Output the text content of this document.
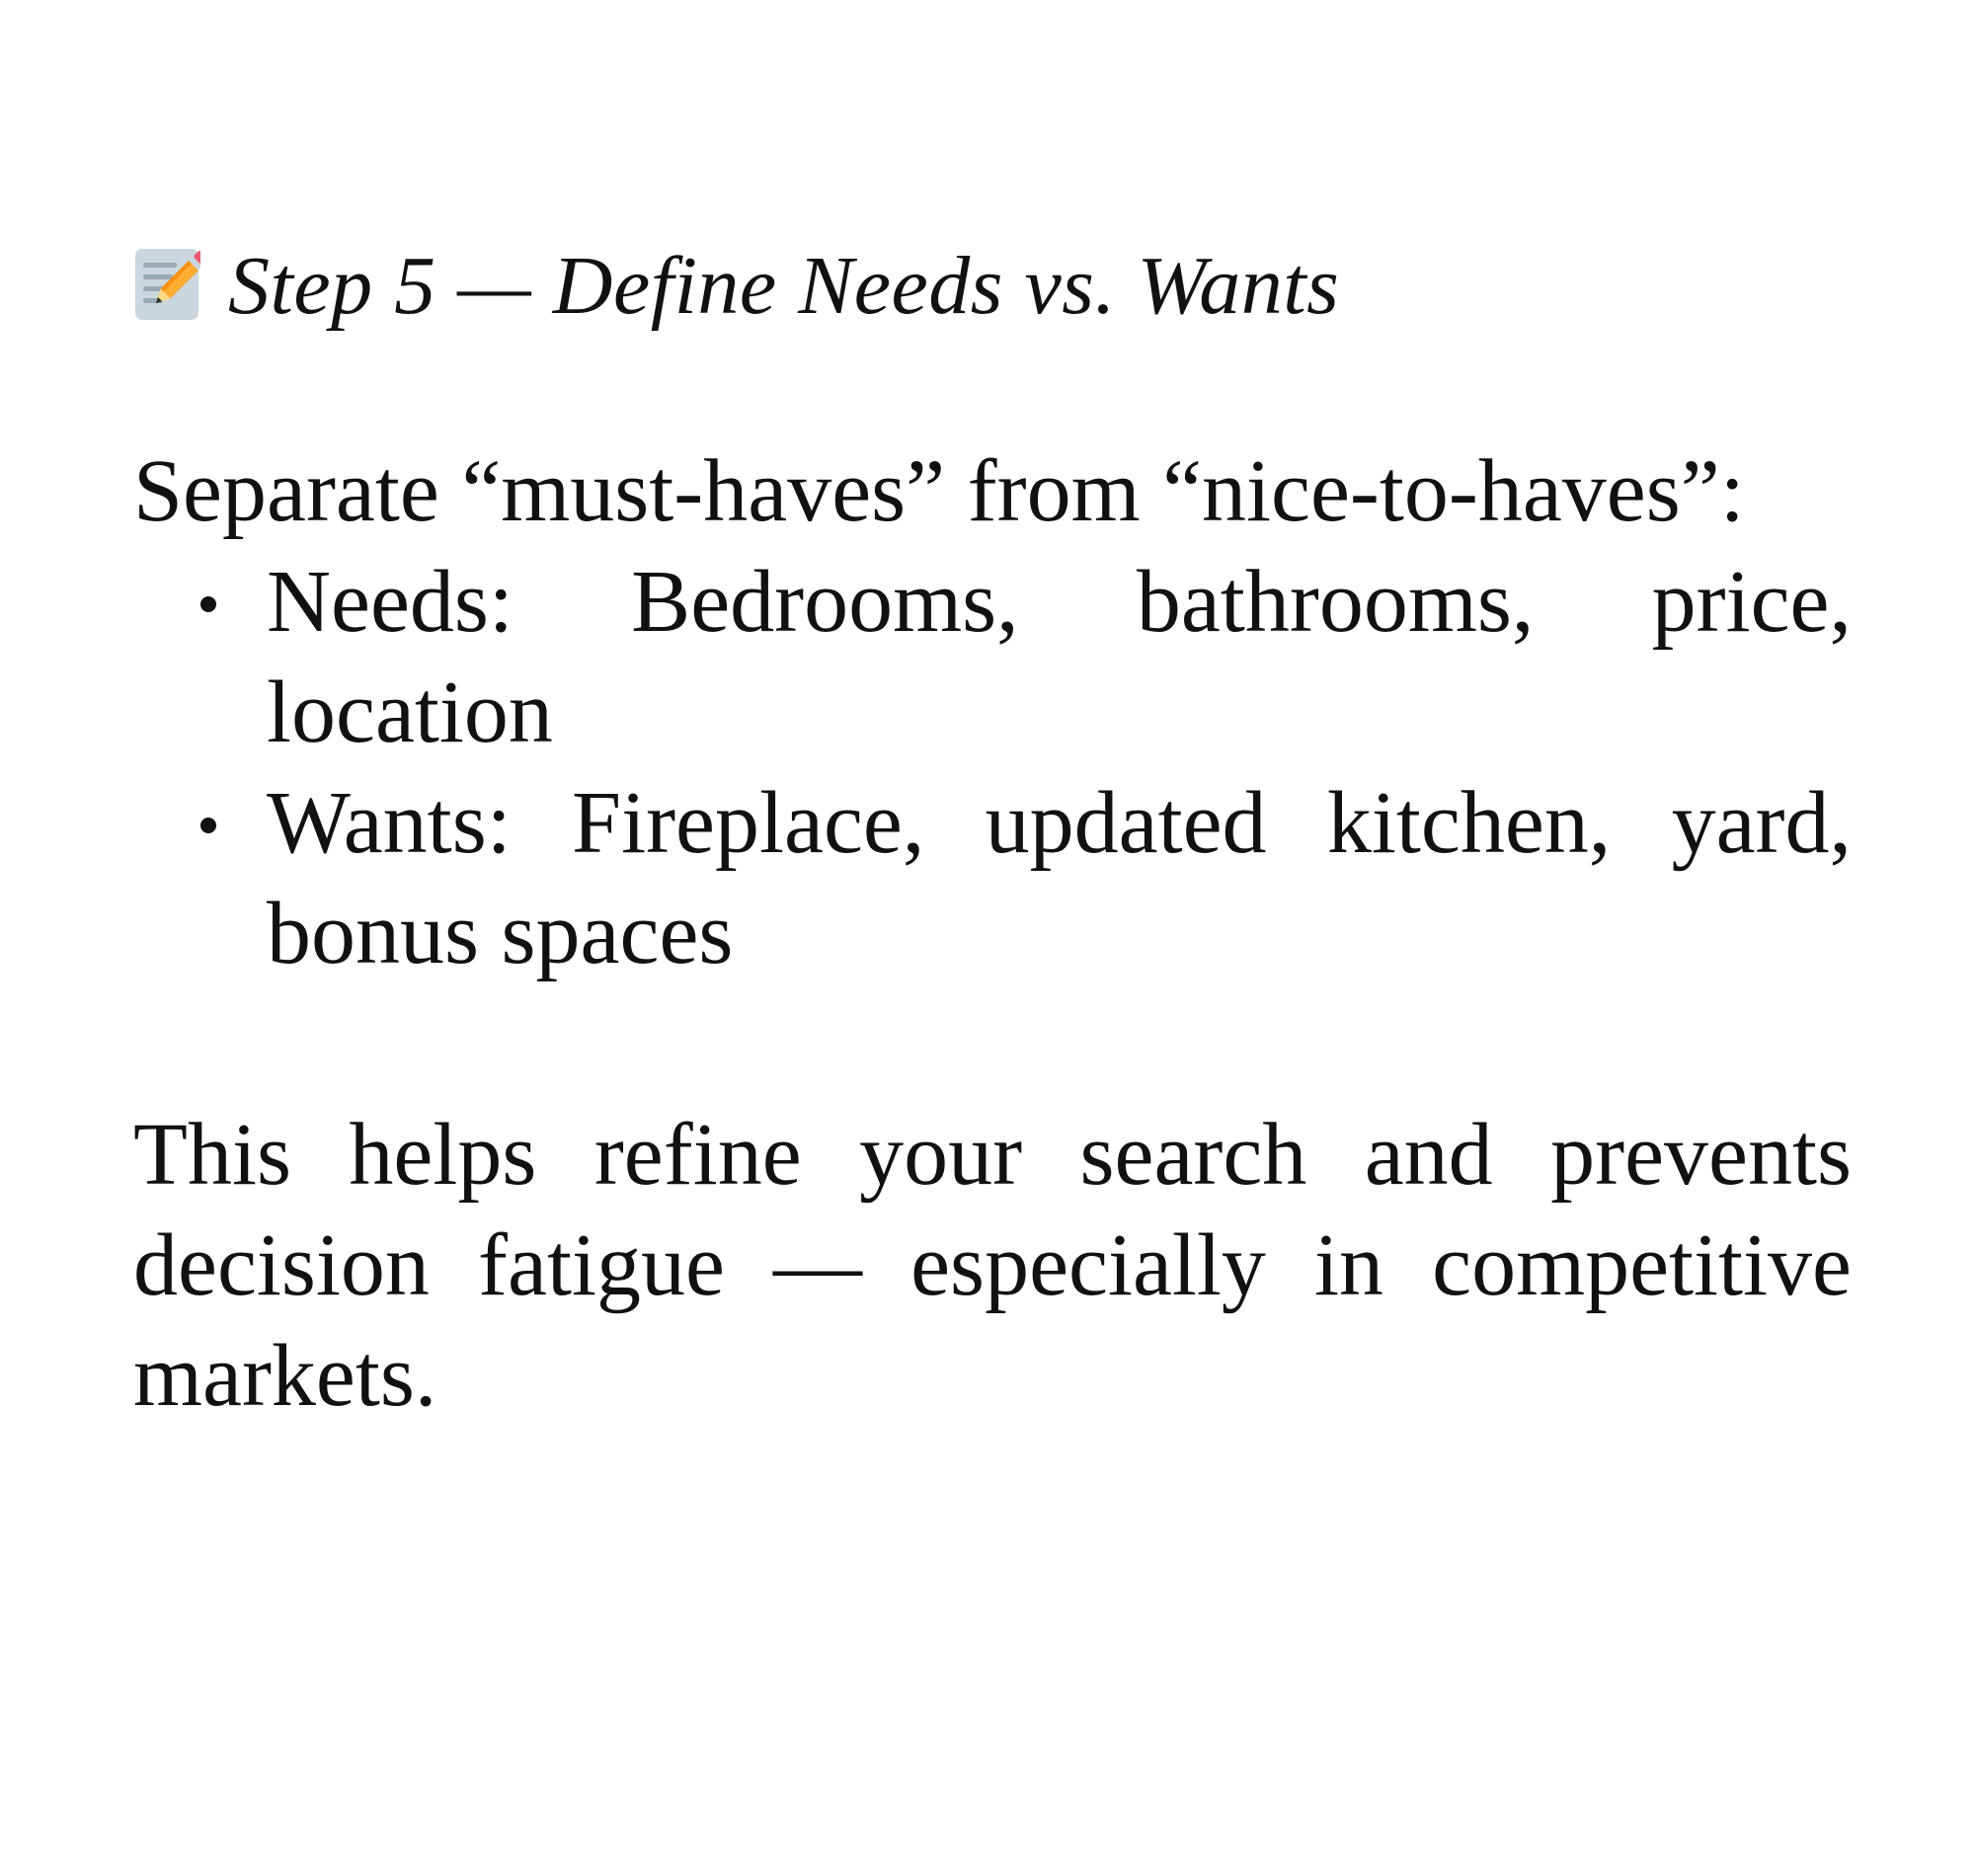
Step 5 — Define Needs vs. Wants

Separate “must-haves” from “nice-to-haves”:

Needs: Bedrooms, bathrooms, price, location
Wants: Fireplace, updated kitchen, yard, bonus spaces

This helps refine your search and prevents decision fatigue — especially in competitive markets.
